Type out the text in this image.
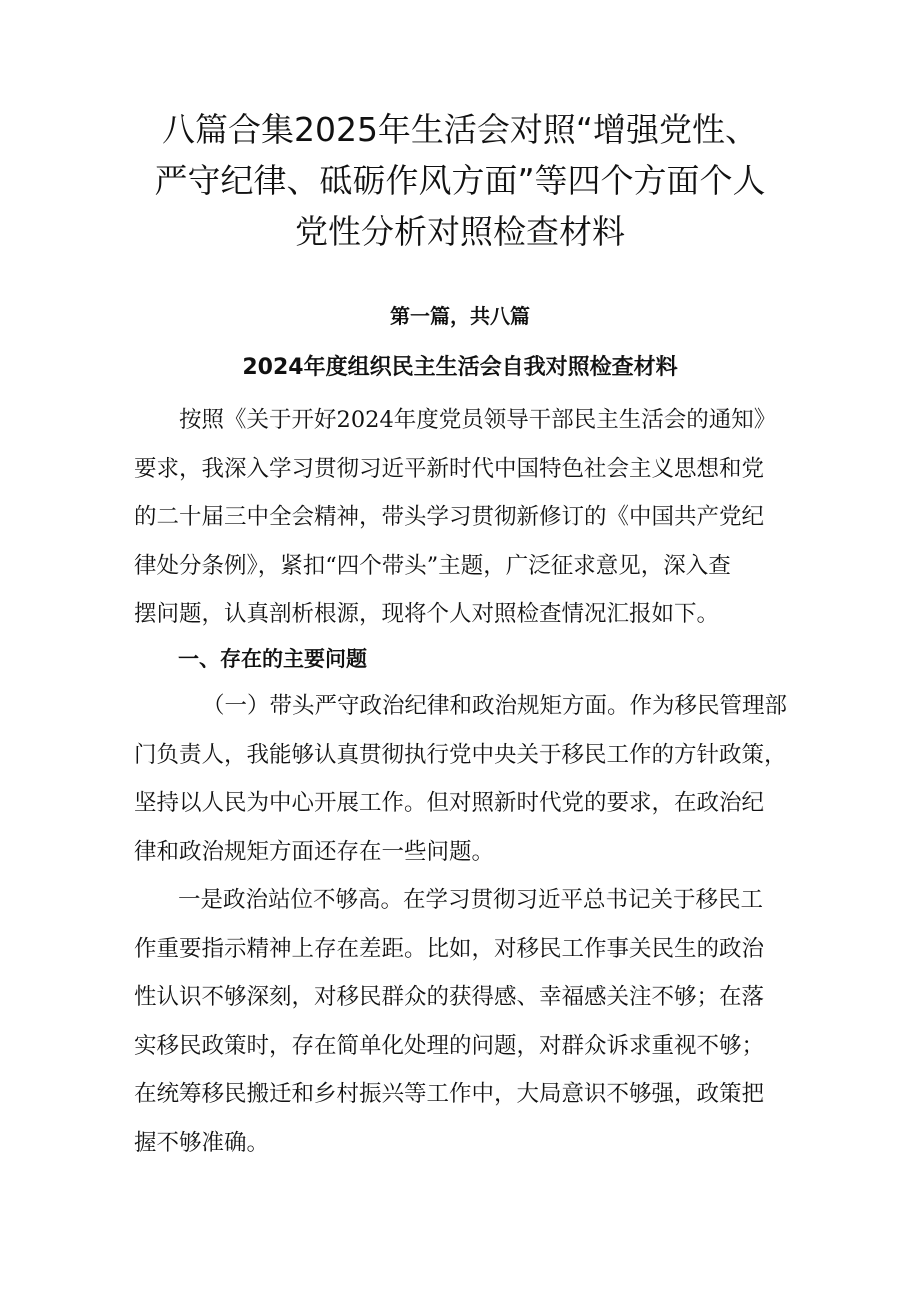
八篇合集2025年生活会对照“增强党性、
严守纪律、砥砺作风方面”等四个方面个人
党性分析对照检查材料
第一篇，共八篇
2024年度组织民主生活会自我对照检查材料
按照《关于开好2024年度党员领导干部民主生活会的通知》
要求，我深入学习贯彻习近平新时代中国特色社会主义思想和党
的二十届三中全会精神，带头学习贯彻新修订的《中国共产党纪
律处分条例》，紧扣“四个带头”主题，广泛征求意见，深入查
摆问题，认真剖析根源，现将个人对照检查情况汇报如下。
一、存在的主要问题
（一）带头严守政治纪律和政治规矩方面。作为移民管理部
门负责人，我能够认真贯彻执行党中央关于移民工作的方针政策，
坚持以人民为中心开展工作。但对照新时代党的要求，在政治纪
律和政治规矩方面还存在一些问题。
一是政治站位不够高。在学习贯彻习近平总书记关于移民工
作重要指示精神上存在差距。比如，对移民工作事关民生的政治
性认识不够深刻，对移民群众的获得感、幸福感关注不够；在落
实移民政策时，存在简单化处理的问题，对群众诉求重视不够；
在统筹移民搬迁和乡村振兴等工作中，大局意识不够强，政策把
握不够准确。
